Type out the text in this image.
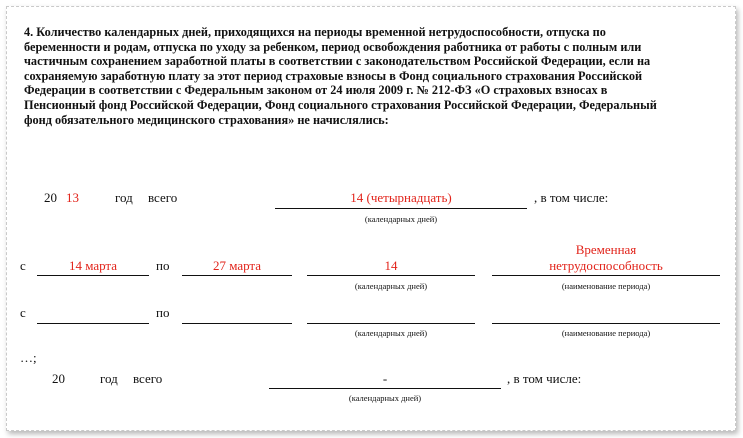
4. Количество календарных дней, приходящихся на периоды временной нетрудоспособности, отпуска по беременности и родам, отпуска по уходу за ребенком, период освобождения работника от работы с полным или частичным сохранением заработной платы в соответствии с законодательством Российской Федерации, если на сохраняемую заработную плату за этот период страховые взносы в Фонд социального страхования Российской Федерации в соответствии с Федеральным законом от 24 июля 2009 г. № 212-ФЗ «О страховых взносах в Пенсионный фонд Российской Федерации, Фонд социального страхования Российской Федерации, Федеральный фонд обязательного медицинского страхования» не начислялись:
20 13	год всего	14 (четырнадцать)	, в том числе:
(календарных дней)
с	14 марта	по	27 марта	14
Временная
нетрудоспособность
(календарных дней)	(наименование периода)
с	по
(календарных дней)	(наименование периода)
…;
20	год всего	-	, в том числе:
(календарных дней)
